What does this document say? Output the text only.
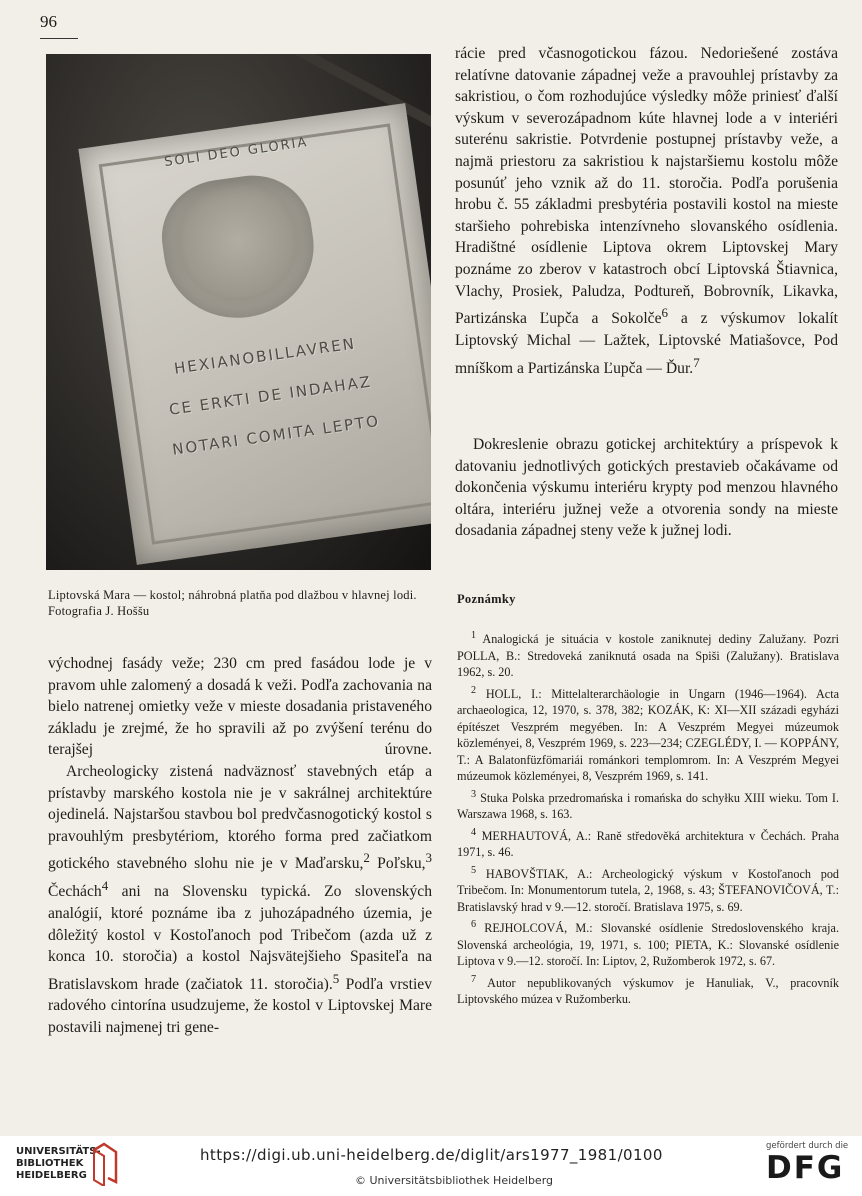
96
SOLI DEO GLORIA
HEXIANOBILLAVREN
CE ERKTI DE INDAHAZ
NOTARI COMITA LEPTO
Liptovská Mara — kostol; náhrobná platňa pod dlažbou v hlavnej lodi. Fotografia J. Hoššu

východnej fasády veže; 230 cm pred fasádou lode je v pravom uhle zalomený a dosadá k veži. Podľa zachovania na bielo natrenej omietky veže v mieste dosadania pristaveného základu je zrejmé, že ho spravili až po zvýšení terénu do terajšej úrovne.

Archeologicky zistená nadväznosť stavebných etáp a prístavby marského kostola nie je v sakrálnej architektúre ojedinelá. Najstaršou stavbou bol predvčasnogotický kostol s pravouhlým presbytériom, ktorého forma pred začiatkom gotického stavebného slohu nie je v Maďarsku,$^2$ Poľsku,$^3$ Čechách$^4$ ani na Slovensku typická. Zo slovenských analógií, ktoré poznáme iba z juhozápadného územia, je dôležitý kostol v Kostoľanoch pod Tribečom (azda už z konca 10. storočia) a kostol Najsvätejšieho Spasiteľa na Bratislavskom hrade (začiatok 11. storočia).$^5$ Podľa vrstiev radového cintorína usudzujeme, že kostol v Liptovskej Mare postavili najmenej tri gene-

rácie pred včasnogotickou fázou. Nedoriešené zostáva relatívne datovanie západnej veže a pravouhlej prístavby za sakristiou, o čom rozhodujúce výsledky môže priniesť ďalší výskum v severozápadnom kúte hlavnej lode a v interiéri suterénu sakristie. Potvrdenie postupnej prístavby veže, a najmä priestoru za sakristiou k najstaršiemu kostolu môže posunúť jeho vznik až do 11. storočia. Podľa porušenia hrobu č. 55 základmi presbytéria postavili kostol na mieste staršieho pohrebiska intenzívneho slovanského osídlenia. Hradištné osídlenie Liptova okrem Liptovskej Mary poznáme zo zberov v katastroch obcí Liptovská Štiavnica, Vlachy, Prosiek, Paludza, Podtureň, Bobrovník, Likavka, Partizánska Ľupča a Sokolče$^6$ a z výskumov lokalít Liptovský Michal — Lažtek, Liptovské Matiašovce, Pod mníškom a Partizánska Ľupča — Ďur.$^7$

Dokreslenie obrazu gotickej architektúry a príspevok k datovaniu jednotlivých gotických prestavieb očakávame od dokončenia výskumu interiéru krypty pod menzou hlavného oltára, interiéru južnej veže a otvorenia sondy na mieste dosadania západnej steny veže k južnej lodi.

Poznámky

$^1$ Analogická je situácia v kostole zaniknutej dediny Zalužany. Pozri POLLA, B.: Stredoveká zaniknutá osada na Spiši (Zalužany). Bratislava 1962, s. 20.

$^2$ HOLL, I.: Mittelalterarchäologie in Ungarn (1946—1964). Acta archaeologica, 12, 1970, s. 378, 382; KOZÁK, K: XI—XII századi egyházi építészet Veszprém megyében. In: A Veszprém Megyei múzeumok közleményei, 8, Veszprém 1969, s. 223—234; CZEGLÉDY, I. — KOPPÁNY, T.: A Balatonfüzfömariái románkori templomrom. In: A Veszprém Megyei múzeumok közleményei, 8, Veszprém 1969, s. 141.

$^3$ Stuka Polska przedromańska i romańska do schyłku XIII wieku. Tom I. Warszawa 1968, s. 163.

$^4$ MERHAUTOVÁ, A.: Raně středověká architektura v Čechách. Praha 1971, s. 46.

$^5$ HABOVŠTIAK, A.: Archeologický výskum v Kostoľanoch pod Tribečom. In: Monumentorum tutela, 2, 1968, s. 43; ŠTEFANOVIČOVÁ, T.: Bratislavský hrad v 9.—12. storočí. Bratislava 1975, s. 69.

$^6$ REJHOLCOVÁ, M.: Slovanské osídlenie Stredoslovenského kraja. Slovenská archeológia, 19, 1971, s. 100; PIETA, K.: Slovanské osídlenie Liptova v 9.—12. storočí. In: Liptov, 2, Ružomberok 1972, s. 67.

$^7$ Autor nepublikovaných výskumov je Hanuliak, V., pracovník Liptovského múzea v Ružomberku.

UNIVERSITÄTS-
BIBLIOTHEK
HEIDELBERG
https://digi.ub.uni-heidelberg.de/diglit/ars1977_1981/0100
© Universitätsbibliothek Heidelberg
gefördert durch die
DFG
